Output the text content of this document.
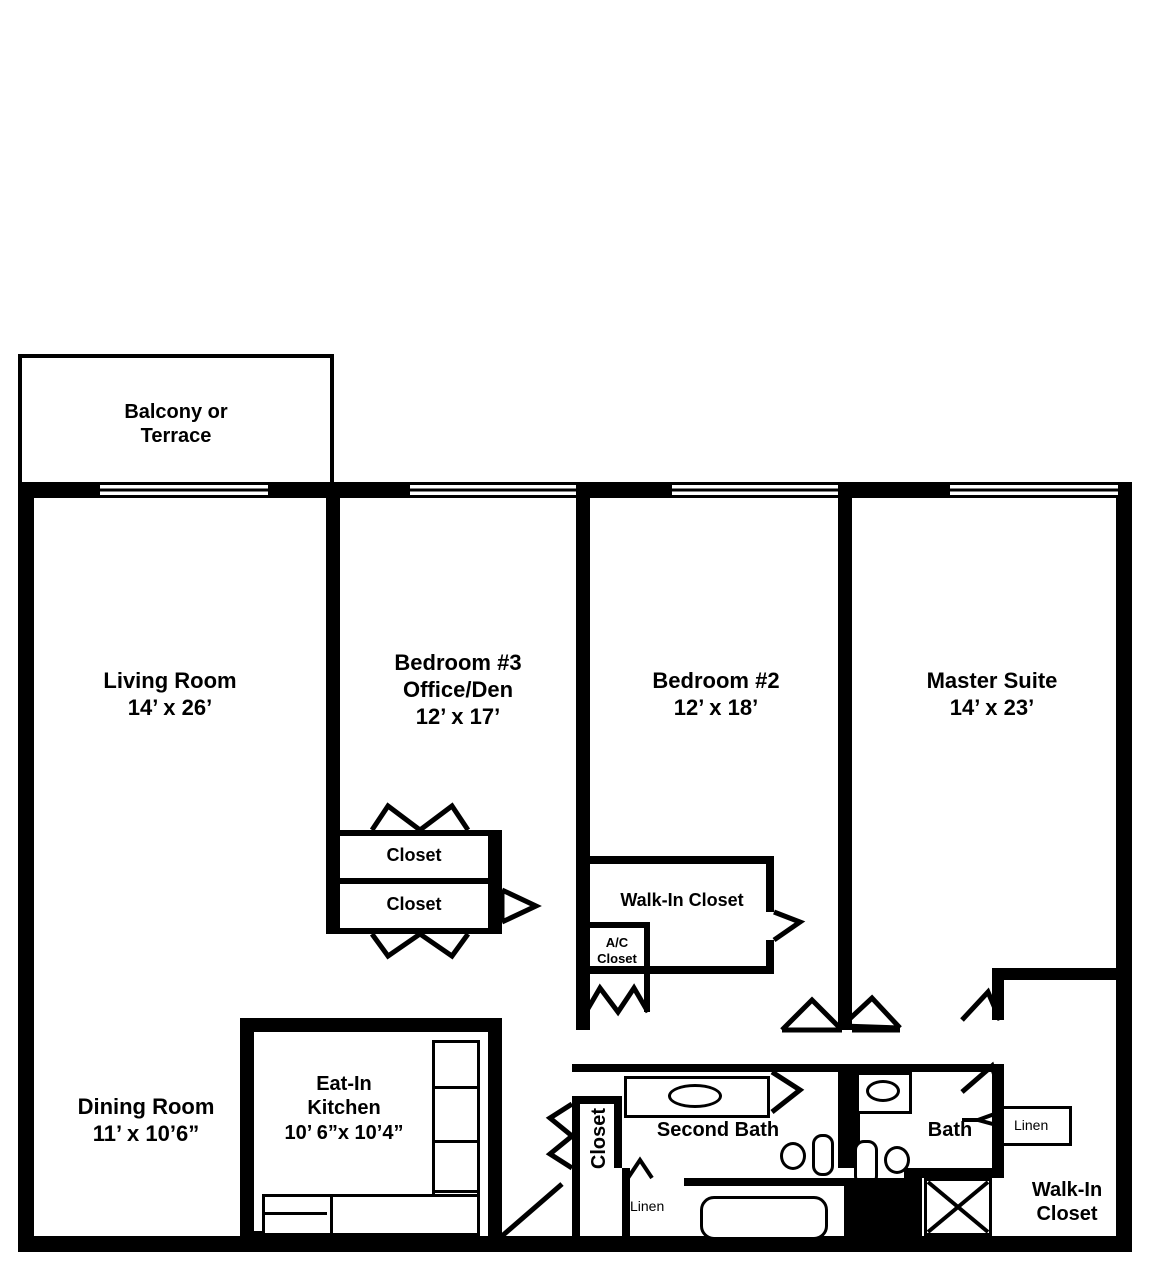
Balcony or
Terrace
Living Room
14’ x 26’
Bedroom #3
Office/Den
12’ x 17’
Bedroom #2
12’ x 18’
Master Suite
14’ x 23’
Dining Room
11’ x 10’6”
Eat-In
Kitchen
10’ 6”x 10’4”
Closet
Closet	Walk-In Closet
A/C
Closet
Closet	Second Bath
Linen
Bath	Linen
Walk-In
Closet
